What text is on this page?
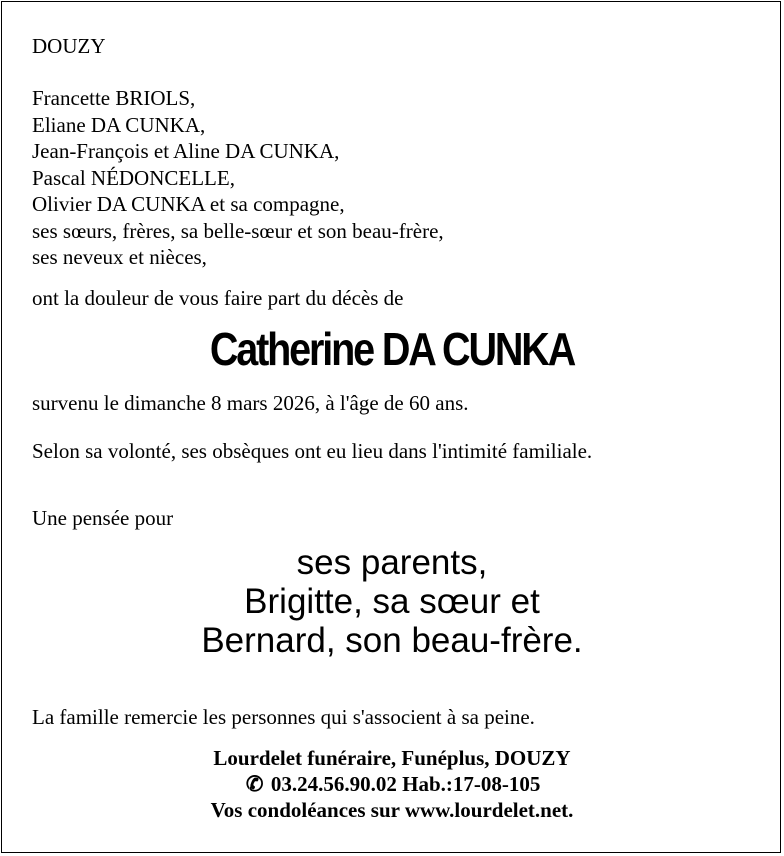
DOUZY
Francette BRIOLS,
Eliane DA CUNKA,
Jean-François et Aline DA CUNKA,
Pascal NÉDONCELLE,
Olivier DA CUNKA et sa compagne,
ses sœurs, frères, sa belle-sœur et son beau-frère,
ses neveux et nièces,
ont la douleur de vous faire part du décès de
Catherine DA CUNKA
survenu le dimanche 8 mars 2026, à l'âge de 60 ans.
Selon sa volonté, ses obsèques ont eu lieu dans l'intimité familiale.
Une pensée pour
ses parents,
Brigitte, sa sœur et
Bernard, son beau-frère.
La famille remercie les personnes qui s'associent à sa peine.
Lourdelet funéraire, Funéplus, DOUZY
✆ 03.24.56.90.02 Hab.:17-08-105
Vos condoléances sur www.lourdelet.net.
